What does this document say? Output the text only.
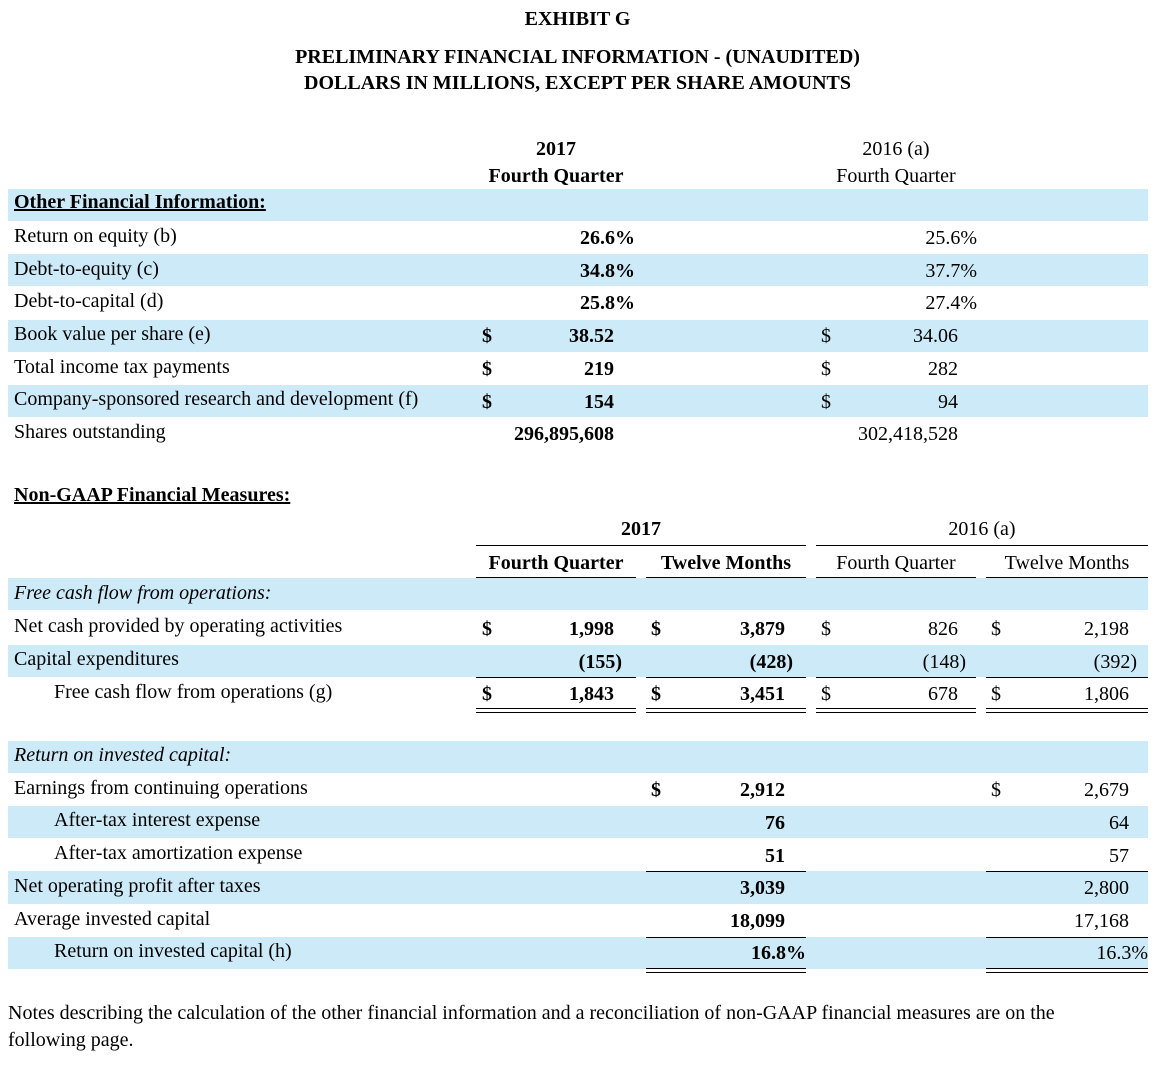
EXHIBIT G
PRELIMINARY FINANCIAL INFORMATION - (UNAUDITED)
DOLLARS IN MILLIONS, EXCEPT PER SHARE AMOUNTS
2017
Fourth Quarter
2016 (a)
Fourth Quarter
Other Financial Information:
Return on equity (b)	26.6%	25.6%
Debt-to-equity (c)	34.8%	37.7%
Debt-to-capital (d)	25.8%	27.4%
Book value per share (e)	$	38.52	$	34.06
Total income tax payments	$	219	$	282
Company-sponsored research and development (f)	$	154	$	94
Shares outstanding	296,895,608	302,418,528
Non-GAAP Financial Measures:
2017	2016 (a)
Fourth Quarter	Twelve Months	Fourth Quarter	Twelve Months
Free cash flow from operations:
Net cash provided by operating activities	$	1,998 $	3,879 $	826 $	2,198
Capital expenditures	(155)	(428)	(148)	(392)
Free cash flow from operations (g)	$	1,843 $	3,451 $	678 $	1,806
Return on invested capital:
Earnings from continuing operations	$	2,912	$	2,679
After-tax interest expense	76	64
After-tax amortization expense	51	57
Net operating profit after taxes	3,039	2,800
Average invested capital	18,099	17,168
Return on invested capital (h)	16.8%	16.3%
Notes describing the calculation of the other financial information and a reconciliation of non-GAAP financial measures are on the following page.
